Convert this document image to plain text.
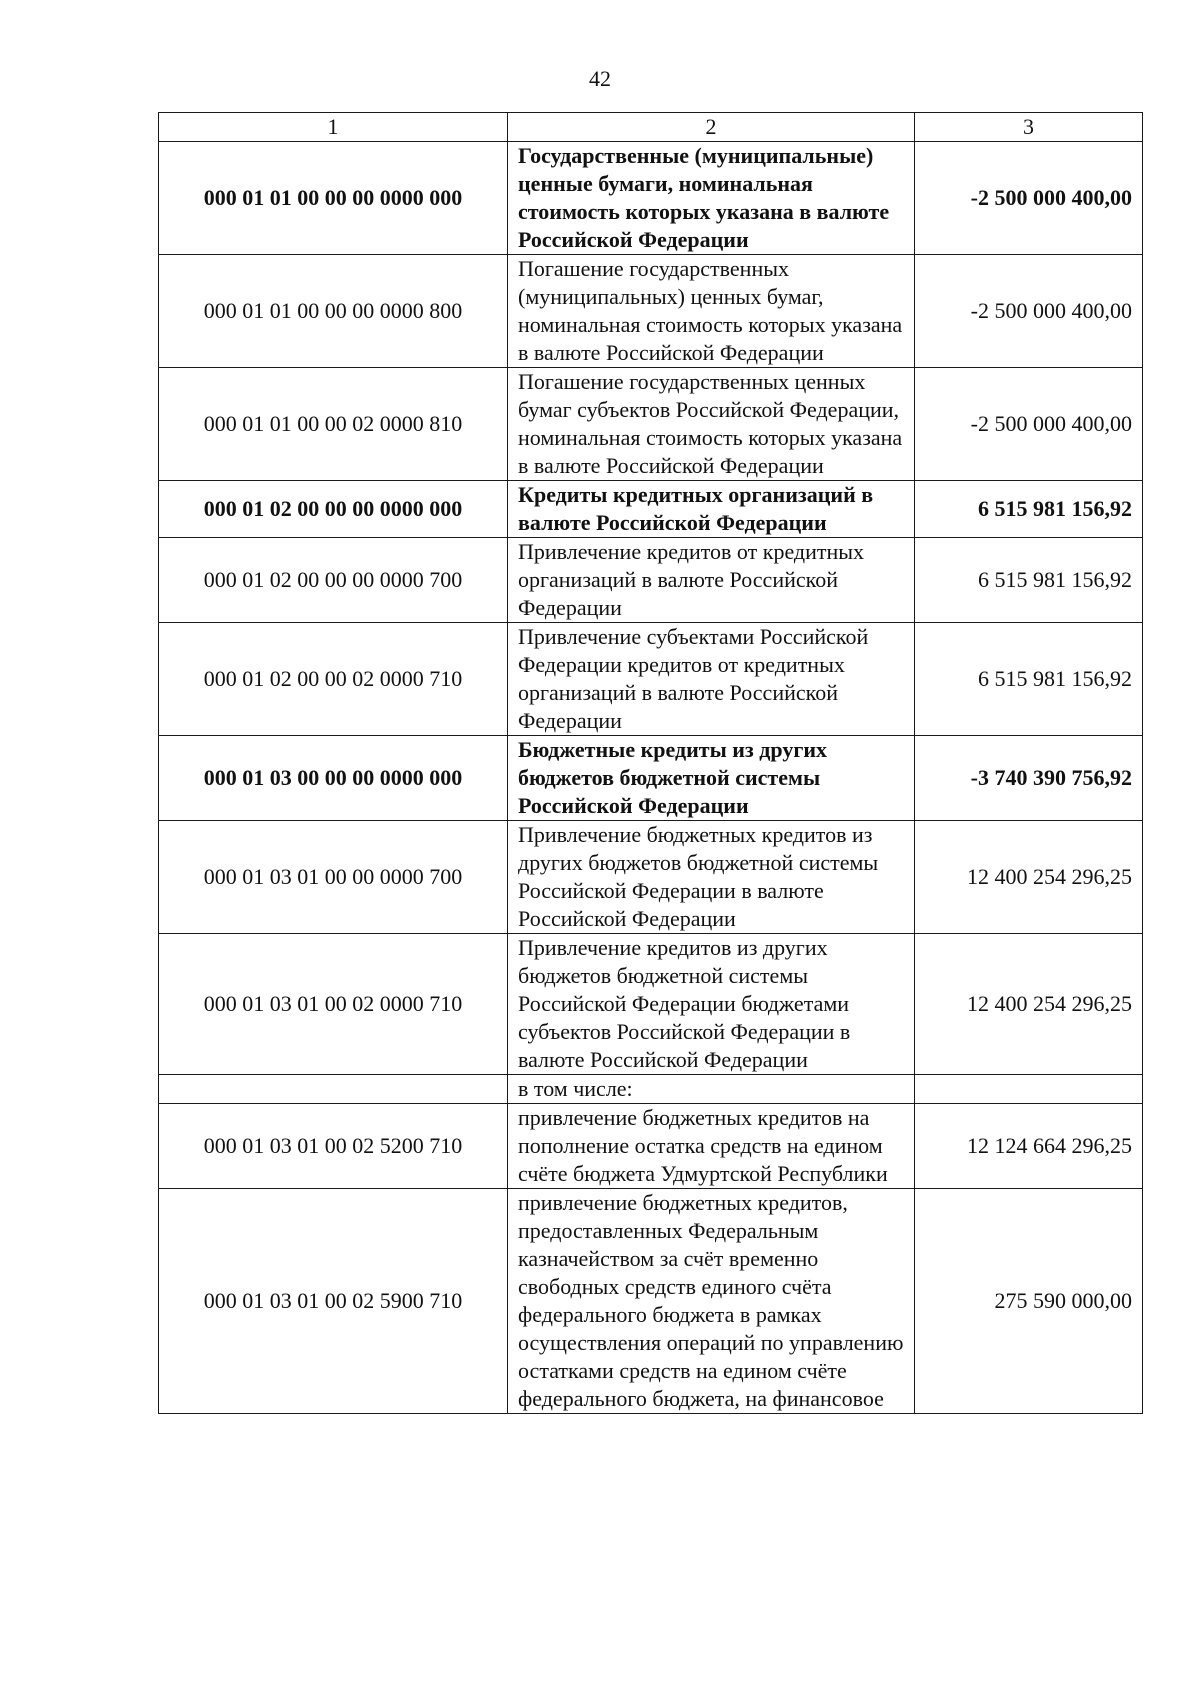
42
1	2	3
000 01 01 00 00 00 0000 000	Государственные (муниципальные) ценные бумаги, номинальная стоимость которых указана в валюте Российской Федерации	-2 500 000 400,00
000 01 01 00 00 00 0000 800	Погашение государственных (муниципальных) ценных бумаг, номинальная стоимость которых указана в валюте Российской Федерации	-2 500 000 400,00
000 01 01 00 00 02 0000 810	Погашение государственных ценных бумаг субъектов Российской Федерации, номинальная стоимость которых указана в валюте Российской Федерации	-2 500 000 400,00
000 01 02 00 00 00 0000 000	Кредиты кредитных организаций в валюте Российской Федерации	6 515 981 156,92
000 01 02 00 00 00 0000 700	Привлечение кредитов от кредитных организаций в валюте Российской Федерации	6 515 981 156,92
000 01 02 00 00 02 0000 710	Привлечение субъектами Российской Федерации кредитов от кредитных организаций в валюте Российской Федерации	6 515 981 156,92
000 01 03 00 00 00 0000 000	Бюджетные кредиты из других бюджетов бюджетной системы Российской Федерации	-3 740 390 756,92
000 01 03 01 00 00 0000 700	Привлечение бюджетных кредитов из других бюджетов бюджетной системы Российской Федерации в валюте Российской Федерации	12 400 254 296,25
000 01 03 01 00 02 0000 710	Привлечение кредитов из других бюджетов бюджетной системы Российской Федерации бюджетами субъектов Российской Федерации в валюте Российской Федерации	12 400 254 296,25
	в том числе:	
000 01 03 01 00 02 5200 710	привлечение бюджетных кредитов на пополнение остатка средств на едином счёте бюджета Удмуртской Республики	12 124 664 296,25
000 01 03 01 00 02 5900 710	привлечение бюджетных кредитов, предоставленных Федеральным казначейством за счёт временно свободных средств единого счёта федерального бюджета в рамках осуществления операций по управлению остатками средств на едином счёте федерального бюджета, на финансовое	275 590 000,00
